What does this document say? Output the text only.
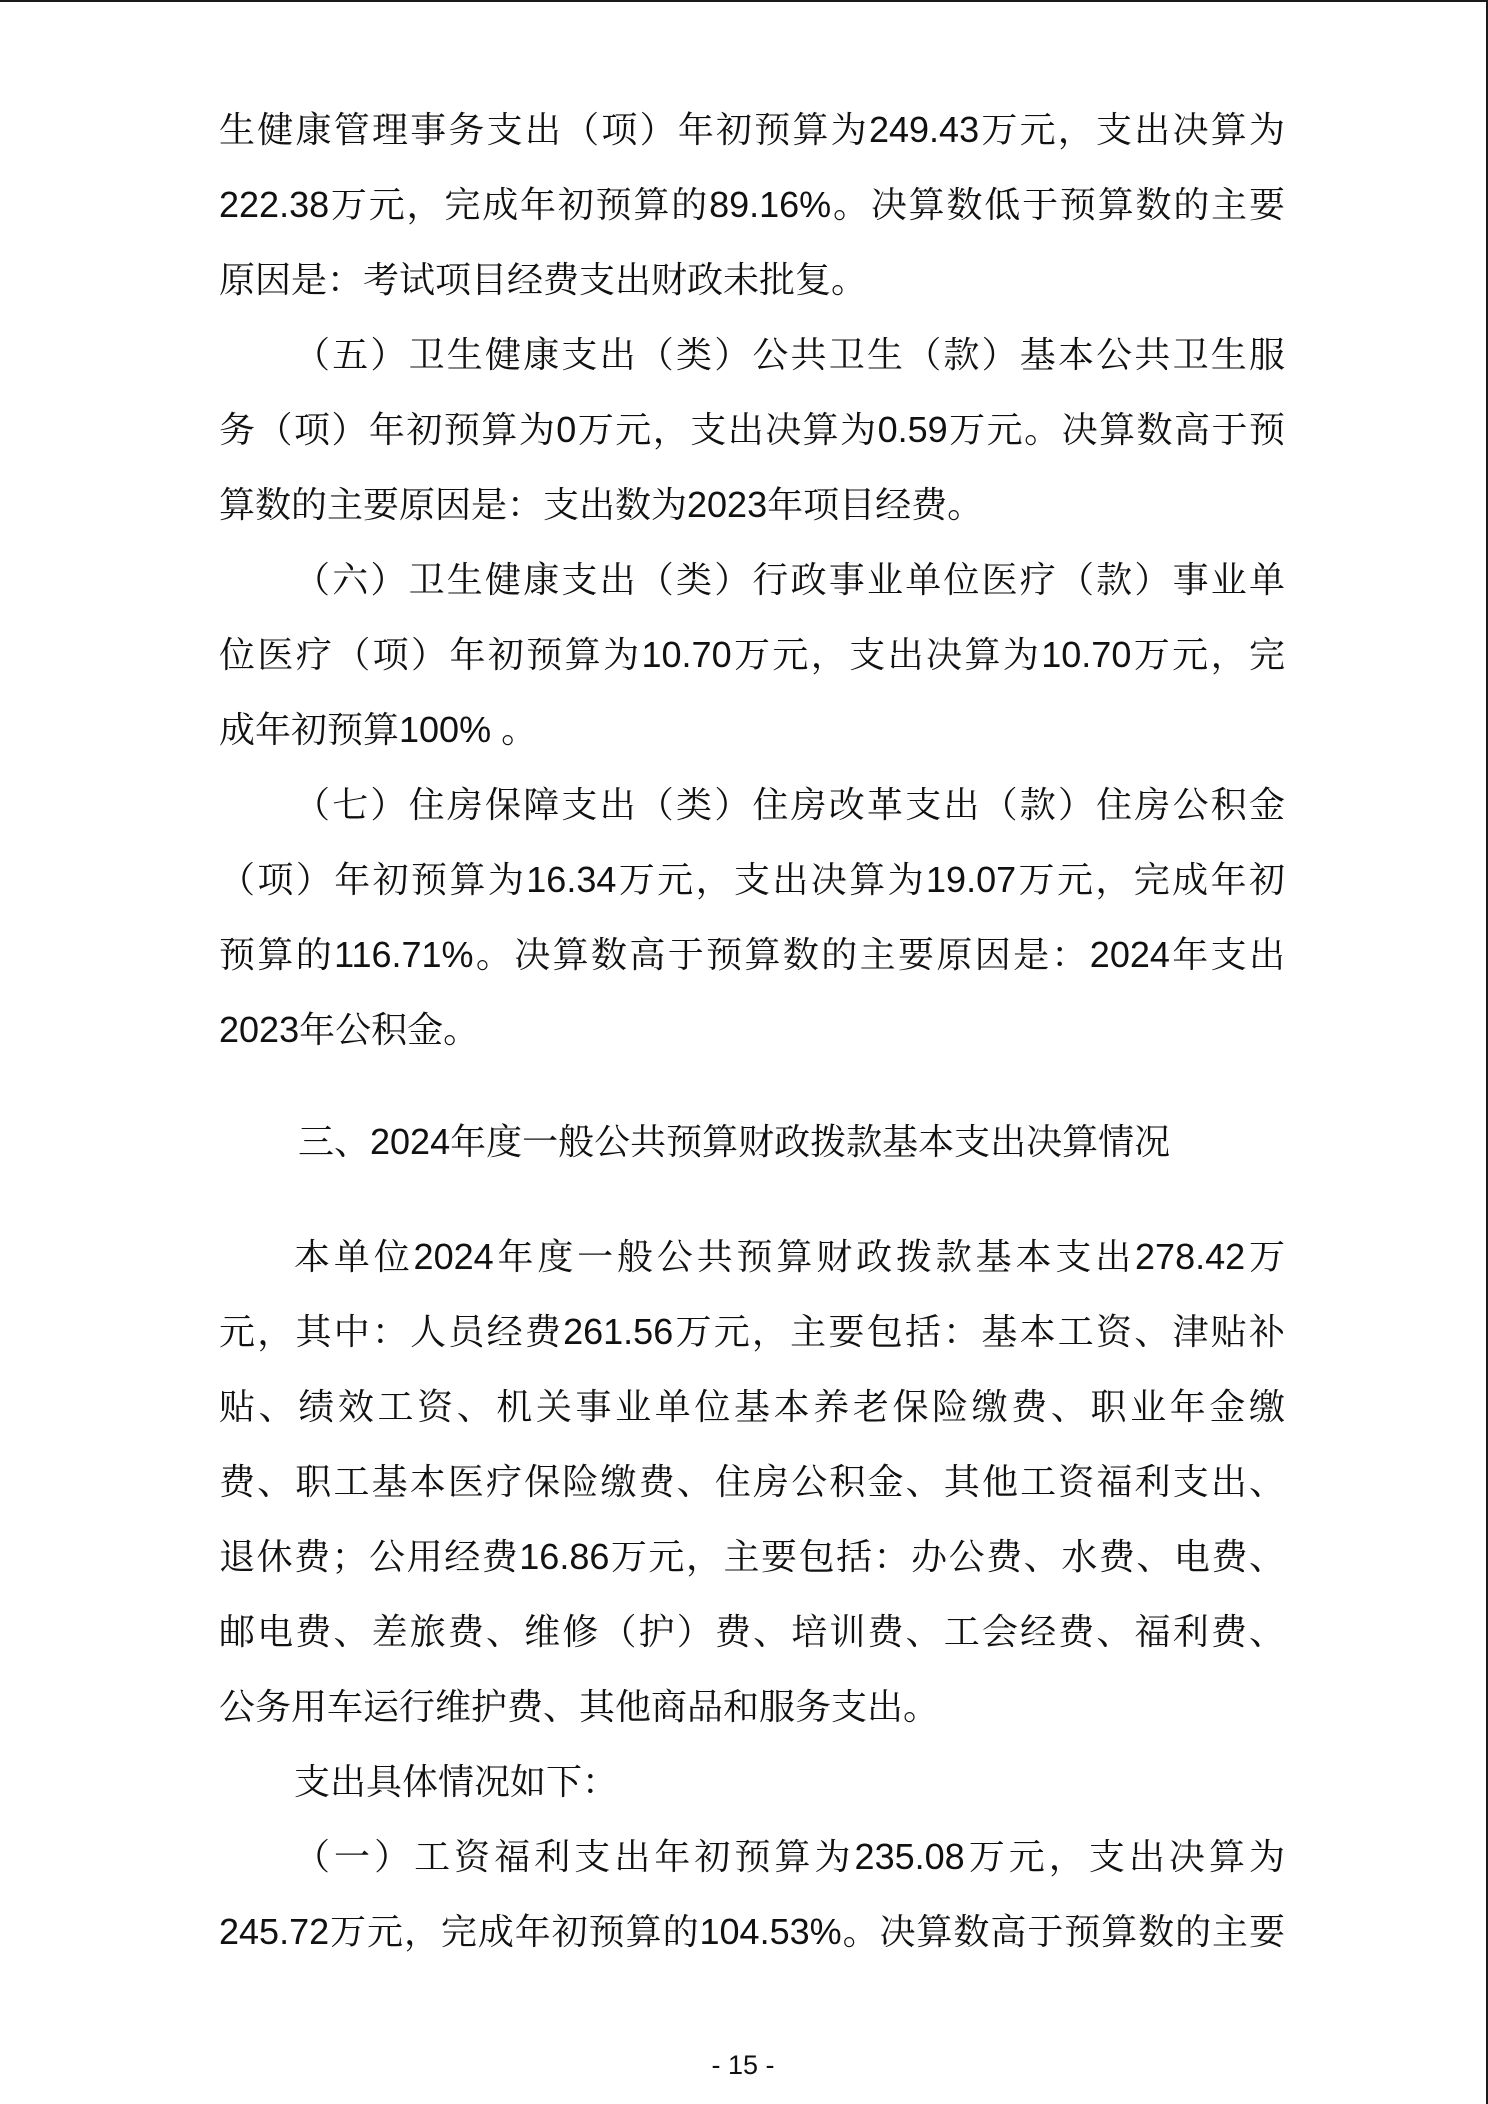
生健康管理事务支出（项）年初预算为249.43万元，支出决算为
222.38万元，完成年初预算的89.16%。决算数低于预算数的主要
原因是：考试项目经费支出财政未批复。
（五）卫生健康支出（类）公共卫生（款）基本公共卫生服
务（项）年初预算为0万元，支出决算为0.59万元。决算数高于预
算数的主要原因是：支出数为2023年项目经费。
（六）卫生健康支出（类）行政事业单位医疗（款）事业单
位医疗（项）年初预算为10.70万元，支出决算为10.70万元，完
成年初预算100% 。
（七）住房保障支出（类）住房改革支出（款）住房公积金
（项）年初预算为16.34万元，支出决算为19.07万元，完成年初
预算的116.71%。决算数高于预算数的主要原因是：2024年支出
2023年公积金。
三、2024年度一般公共预算财政拨款基本支出决算情况
本单位2024年度一般公共预算财政拨款基本支出278.42万
元，其中：人员经费261.56万元，主要包括：基本工资、津贴补
贴、绩效工资、机关事业单位基本养老保险缴费、职业年金缴
费、职工基本医疗保险缴费、住房公积金、其他工资福利支出、
退休费；公用经费16.86万元，主要包括：办公费、水费、电费、
邮电费、差旅费、维修（护）费、培训费、工会经费、福利费、
公务用车运行维护费、其他商品和服务支出。
支出具体情况如下：
（一）工资福利支出年初预算为235.08万元，支出决算为
245.72万元，完成年初预算的104.53%。决算数高于预算数的主要
- 15 -
